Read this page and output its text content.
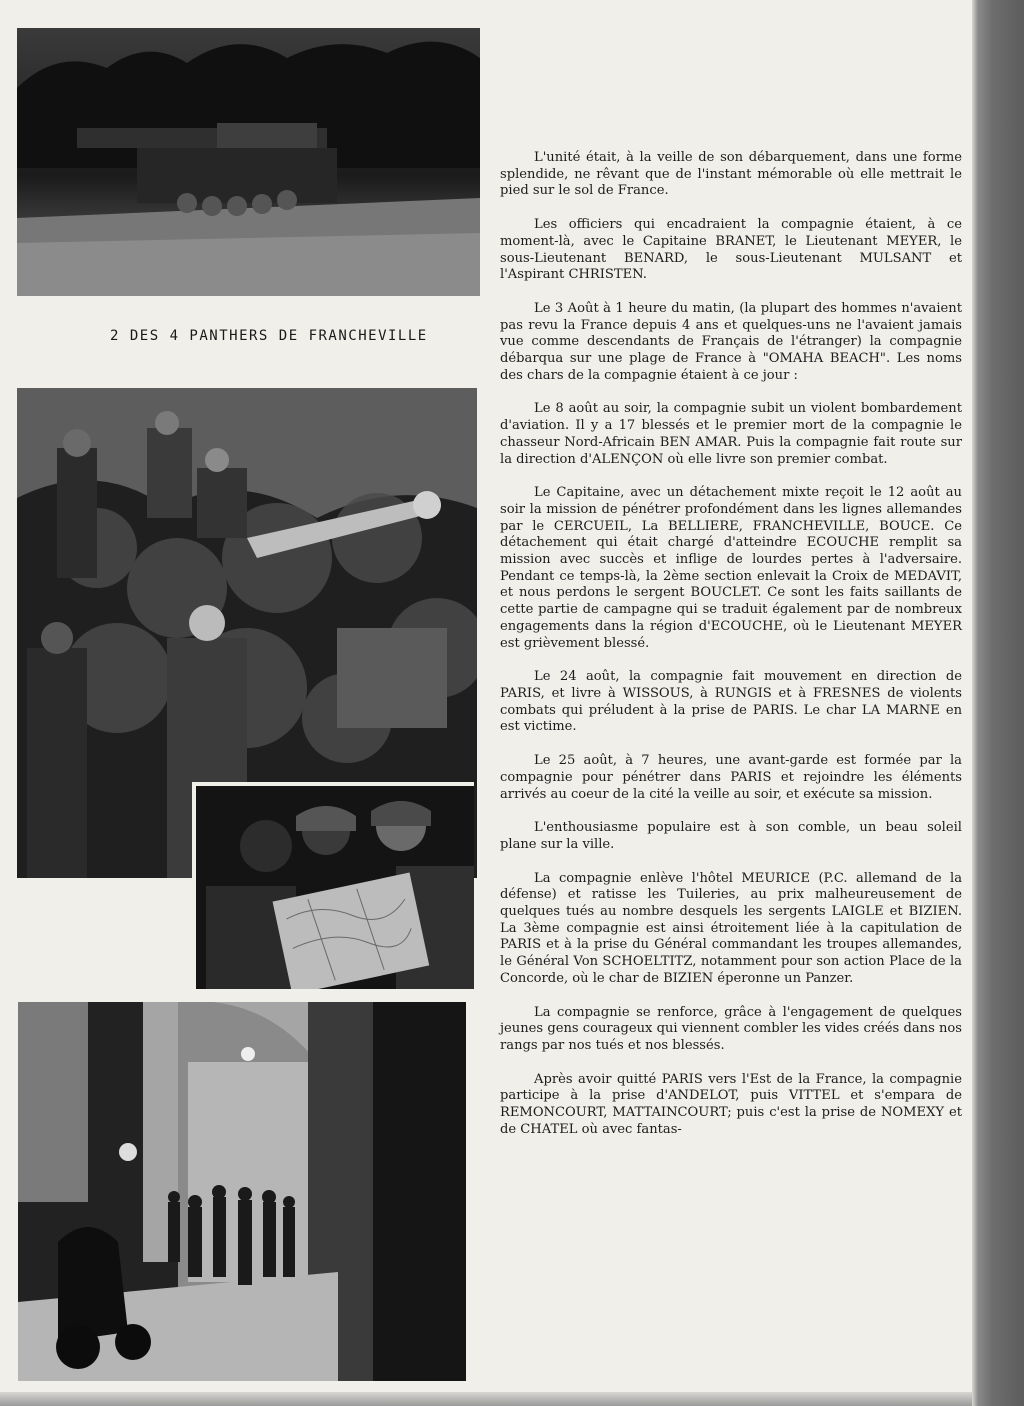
2 DES 4 PANTHERS DE FRANCHEVILLE

L'unité était, à la veille de son débarquement, dans une forme splendide, ne rêvant que de l'instant mémorable où elle mettrait le pied sur le sol de France.

Les officiers qui encadraient la compagnie étaient, à ce moment-là, avec le Capitaine BRANET, le Lieutenant MEYER, le sous-Lieutenant BENARD, le sous-Lieutenant MULSANT et l'Aspirant CHRISTEN.

Le 3 Août à 1 heure du matin, (la plupart des hommes n'avaient pas revu la France depuis 4 ans et quelques-uns ne l'avaient jamais vue comme descendants de Français de l'étranger) la compagnie débarqua sur une plage de France à "OMAHA BEACH". Les noms des chars de la compagnie étaient à ce jour :

Le 8 août au soir, la compagnie subit un violent bombardement d'aviation. Il y a 17 blessés et le premier mort de la compagnie le chasseur Nord-Africain BEN AMAR. Puis la compagnie fait route sur la direction d'ALENÇON où elle livre son premier combat.

Le Capitaine, avec un détachement mixte reçoit le 12 août au soir la mission de pénétrer profondément dans les lignes allemandes par le CERCUEIL, La BELLIERE, FRANCHEVILLE, BOUCE. Ce détachement qui était chargé d'atteindre ECOUCHE remplit sa mission avec succès et inflige de lourdes pertes à l'adversaire. Pendant ce temps-là, la 2ème section enlevait la Croix de MEDAVIT, et nous perdons le sergent BOUCLET. Ce sont les faits saillants de cette partie de campagne qui se traduit également par de nombreux engagements dans la région d'ECOUCHE, où le Lieutenant MEYER est grièvement blessé.

Le 24 août, la compagnie fait mouvement en direction de PARIS, et livre à WISSOUS, à RUNGIS et à FRESNES de violents combats qui préludent à la prise de PARIS. Le char LA MARNE en est victime.

Le 25 août, à 7 heures, une avant-garde est formée par la compagnie pour pénétrer dans PARIS et rejoindre les éléments arrivés au coeur de la cité la veille au soir, et exécute sa mission.

L'enthousiasme populaire est à son comble, un beau soleil plane sur la ville.

La compagnie enlève l'hôtel MEURICE (P.C. allemand de la défense) et ratisse les Tuileries, au prix malheureusement de quelques tués au nombre desquels les sergents LAIGLE et BIZIEN. La 3ème compagnie est ainsi étroitement liée à la capitulation de PARIS et à la prise du Général commandant les troupes allemandes, le Général Von SCHOELTITZ, notamment pour son action Place de la Concorde, où le char de BIZIEN éperonne un Panzer.

La compagnie se renforce, grâce à l'engagement de quelques jeunes gens courageux qui viennent combler les vides créés dans nos rangs par nos tués et nos blessés.

Après avoir quitté PARIS vers l'Est de la France, la compagnie participe à la prise d'ANDELOT, puis VITTEL et s'empara de REMONCOURT, MATTAINCOURT; puis c'est la prise de NOMEXY et de CHATEL où avec fantas-
